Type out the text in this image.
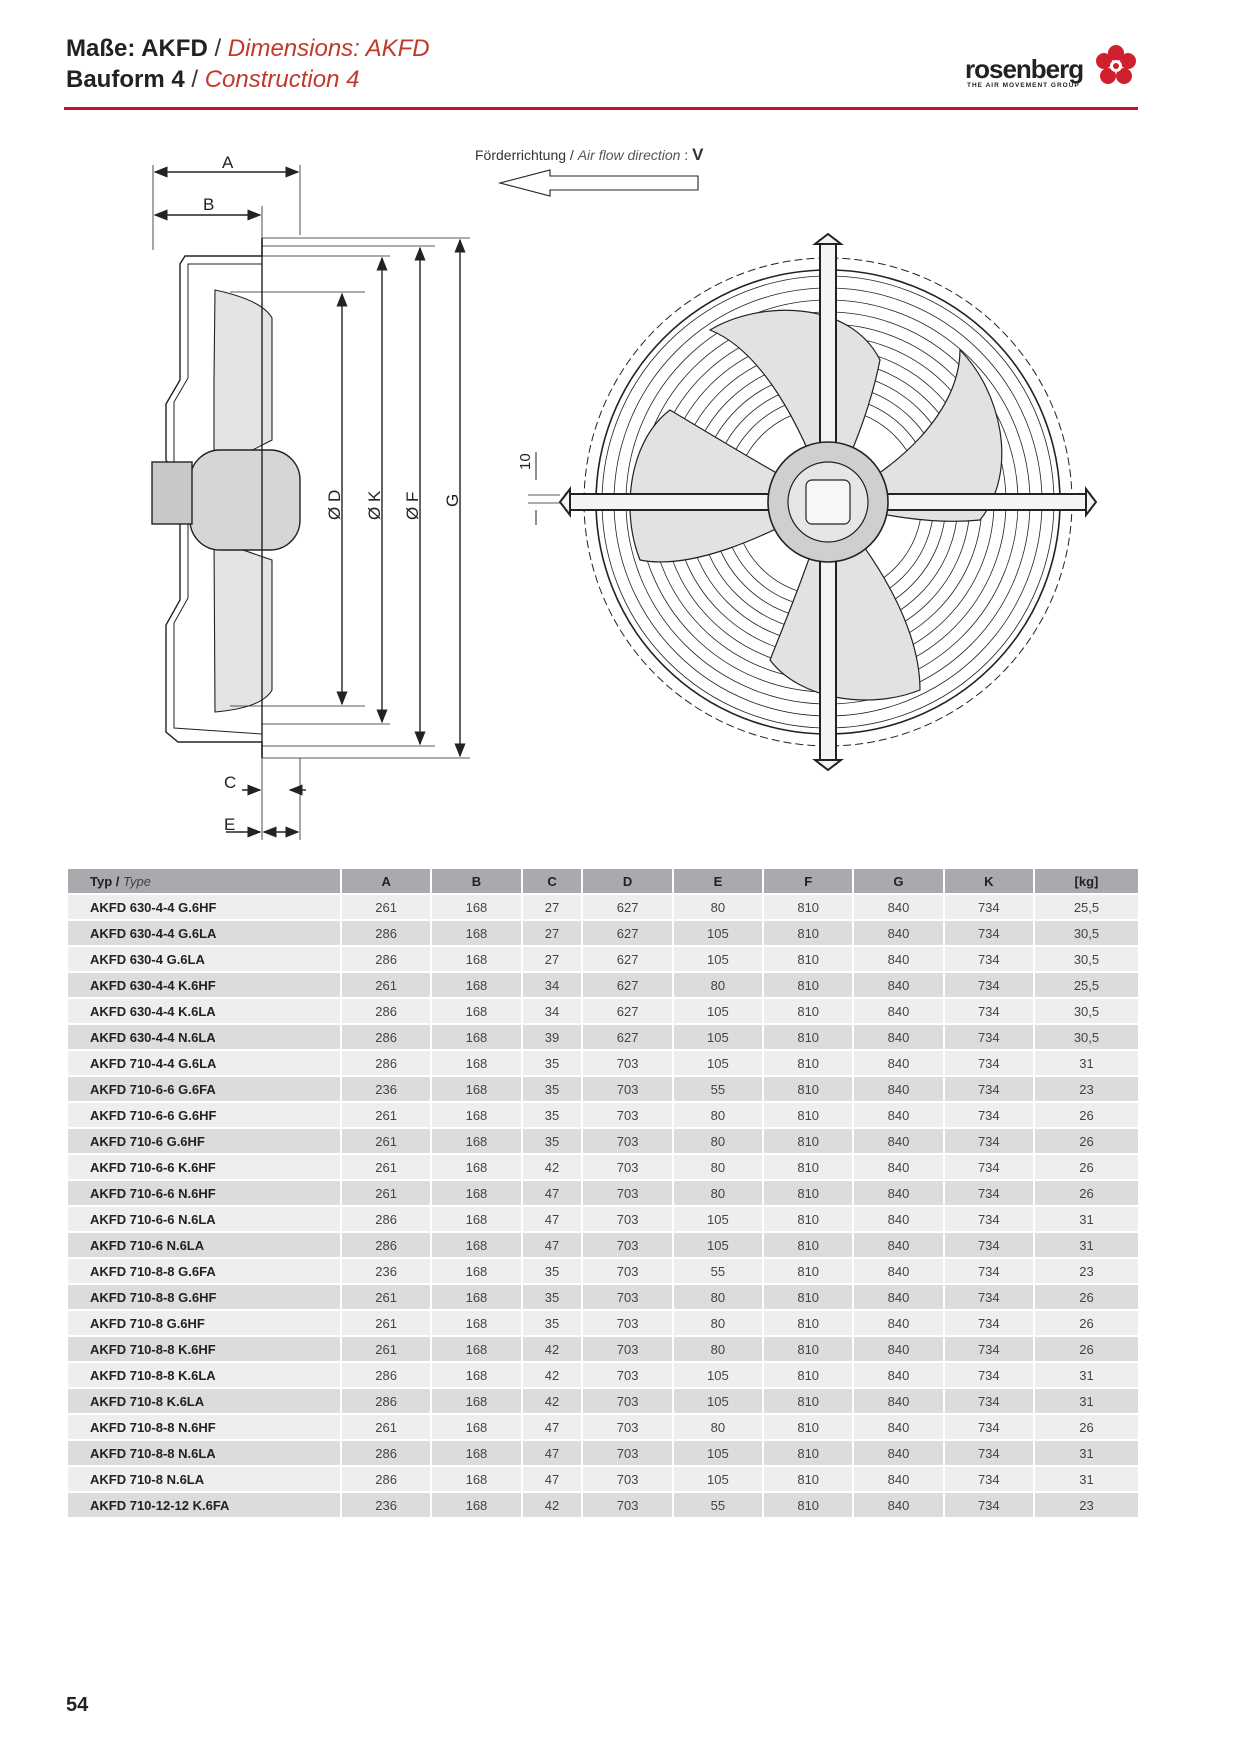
Maße: AKFD / Dimensions: AKFD
Bauform 4 / Construction 4	rosenberg
THE AIR MOVEMENT GROUP
Förderrichtung / Air flow direction : V
A
B
C
E
Ø D Ø K Ø F G
10
Typ / Type	A	B	C	D	E	F	G	K	[kg]
AKFD 630-4-4 G.6HF	261	168	27	627	80	810	840	734	25,5
AKFD 630-4-4 G.6LA	286	168	27	627	105	810	840	734	30,5
AKFD 630-4 G.6LA	286	168	27	627	105	810	840	734	30,5
AKFD 630-4-4 K.6HF	261	168	34	627	80	810	840	734	25,5
AKFD 630-4-4 K.6LA	286	168	34	627	105	810	840	734	30,5
AKFD 630-4-4 N.6LA	286	168	39	627	105	810	840	734	30,5
AKFD 710-4-4 G.6LA	286	168	35	703	105	810	840	734	31
AKFD 710-6-6 G.6FA	236	168	35	703	55	810	840	734	23
AKFD 710-6-6 G.6HF	261	168	35	703	80	810	840	734	26
AKFD 710-6 G.6HF	261	168	35	703	80	810	840	734	26
AKFD 710-6-6 K.6HF	261	168	42	703	80	810	840	734	26
AKFD 710-6-6 N.6HF	261	168	47	703	80	810	840	734	26
AKFD 710-6-6 N.6LA	286	168	47	703	105	810	840	734	31
AKFD 710-6 N.6LA	286	168	47	703	105	810	840	734	31
AKFD 710-8-8 G.6FA	236	168	35	703	55	810	840	734	23
AKFD 710-8-8 G.6HF	261	168	35	703	80	810	840	734	26
AKFD 710-8 G.6HF	261	168	35	703	80	810	840	734	26
AKFD 710-8-8 K.6HF	261	168	42	703	80	810	840	734	26
AKFD 710-8-8 K.6LA	286	168	42	703	105	810	840	734	31
AKFD 710-8 K.6LA	286	168	42	703	105	810	840	734	31
AKFD 710-8-8 N.6HF	261	168	47	703	80	810	840	734	26
AKFD 710-8-8 N.6LA	286	168	47	703	105	810	840	734	31
AKFD 710-8 N.6LA	286	168	47	703	105	810	840	734	31
AKFD 710-12-12 K.6FA	236	168	42	703	55	810	840	734	23
54
